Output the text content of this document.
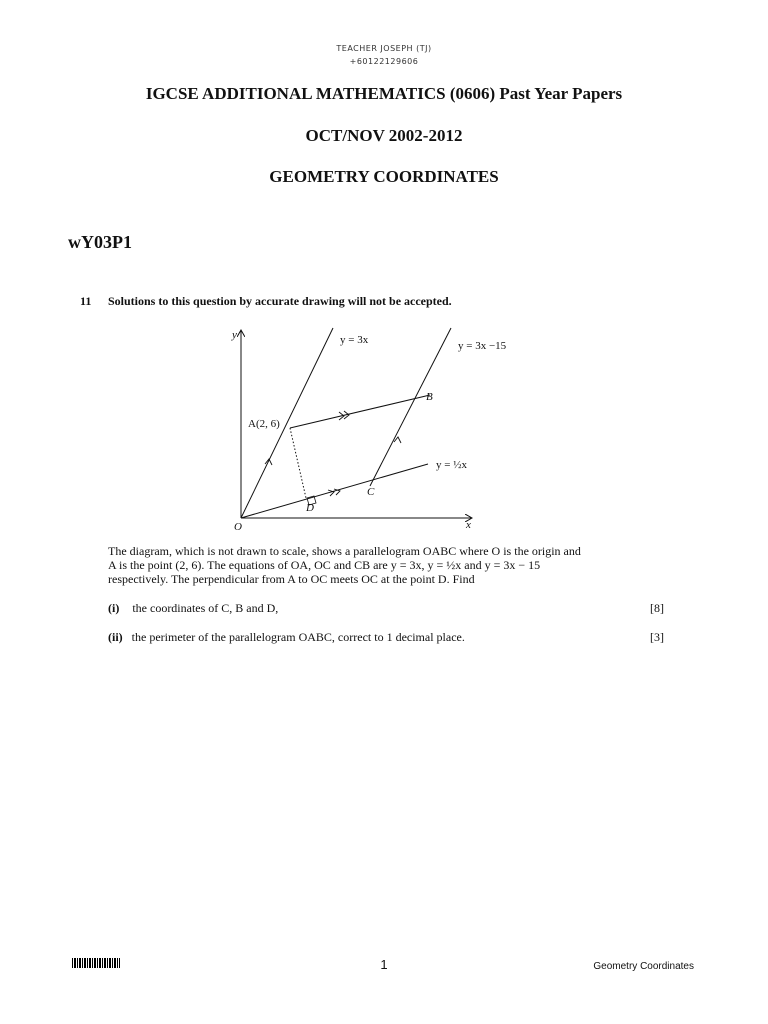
TEACHER JOSEPH (TJ)
+60122129606
IGCSE ADDITIONAL MATHEMATICS (0606) Past Year Papers
OCT/NOV 2002-2012
GEOMETRY COORDINATES
wY03P1
11 Solutions to this question by accurate drawing will not be accepted.
y
x
O
A(2, 6)
B
C
D
y = 3x	y = 3x −15
y = ½x
The diagram, which is not drawn to scale, shows a parallelogram OABC where O is the origin and
A is the point (2, 6). The equations of OA, OC and CB are y = 3x, y = ½x and y = 3x − 15
respectively. The perpendicular from A to OC meets OC at the point D. Find
(i) the coordinates of C, B and D,	[8]
(ii) the perimeter of the parallelogram OABC, correct to 1 decimal place.	[3]
1	Geometry Coordinates
